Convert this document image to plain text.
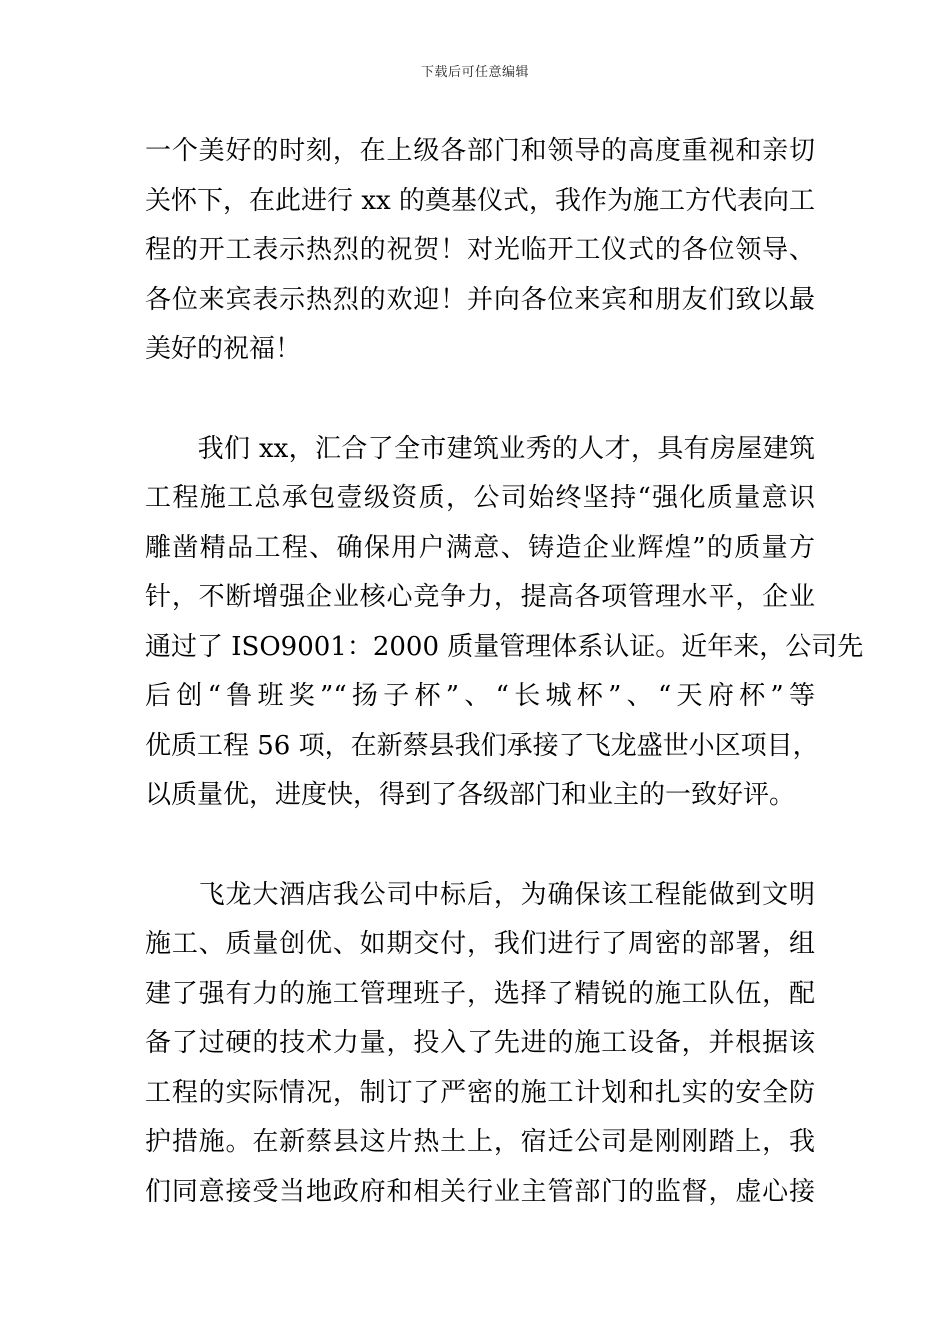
下载后可任意编辑
一个美好的时刻，在上级各部门和领导的高度重视和亲切
关怀下，在此进行 xx 的奠基仪式，我作为施工方代表向工
程的开工表示热烈的祝贺！对光临开工仪式的各位领导、
各位来宾表示热烈的欢迎！并向各位来宾和朋友们致以最
美好的祝福！
　　我们 xx，汇合了全市建筑业秀的人才，具有房屋建筑
工程施工总承包壹级资质，公司始终坚持“强化质量意识
雕凿精品工程、确保用户满意、铸造企业辉煌”的质量方
针，不断增强企业核心竞争力，提高各项管理水平，企业
通过了 ISO9001：2000 质量管理体系认证。近年来，公司先
后创“鲁班奖”“扬子杯”、“长城杯”、“天府杯”等
优质工程 56 项，在新蔡县我们承接了飞龙盛世小区项目，
以质量优，进度快，得到了各级部门和业主的一致好评。
　　飞龙大酒店我公司中标后，为确保该工程能做到文明
施工、质量创优、如期交付，我们进行了周密的部署，组
建了强有力的施工管理班子，选择了精锐的施工队伍，配
备了过硬的技术力量，投入了先进的施工设备，并根据该
工程的实际情况，制订了严密的施工计划和扎实的安全防
护措施。在新蔡县这片热土上，宿迁公司是刚刚踏上，我
们同意接受当地政府和相关行业主管部门的监督，虚心接
